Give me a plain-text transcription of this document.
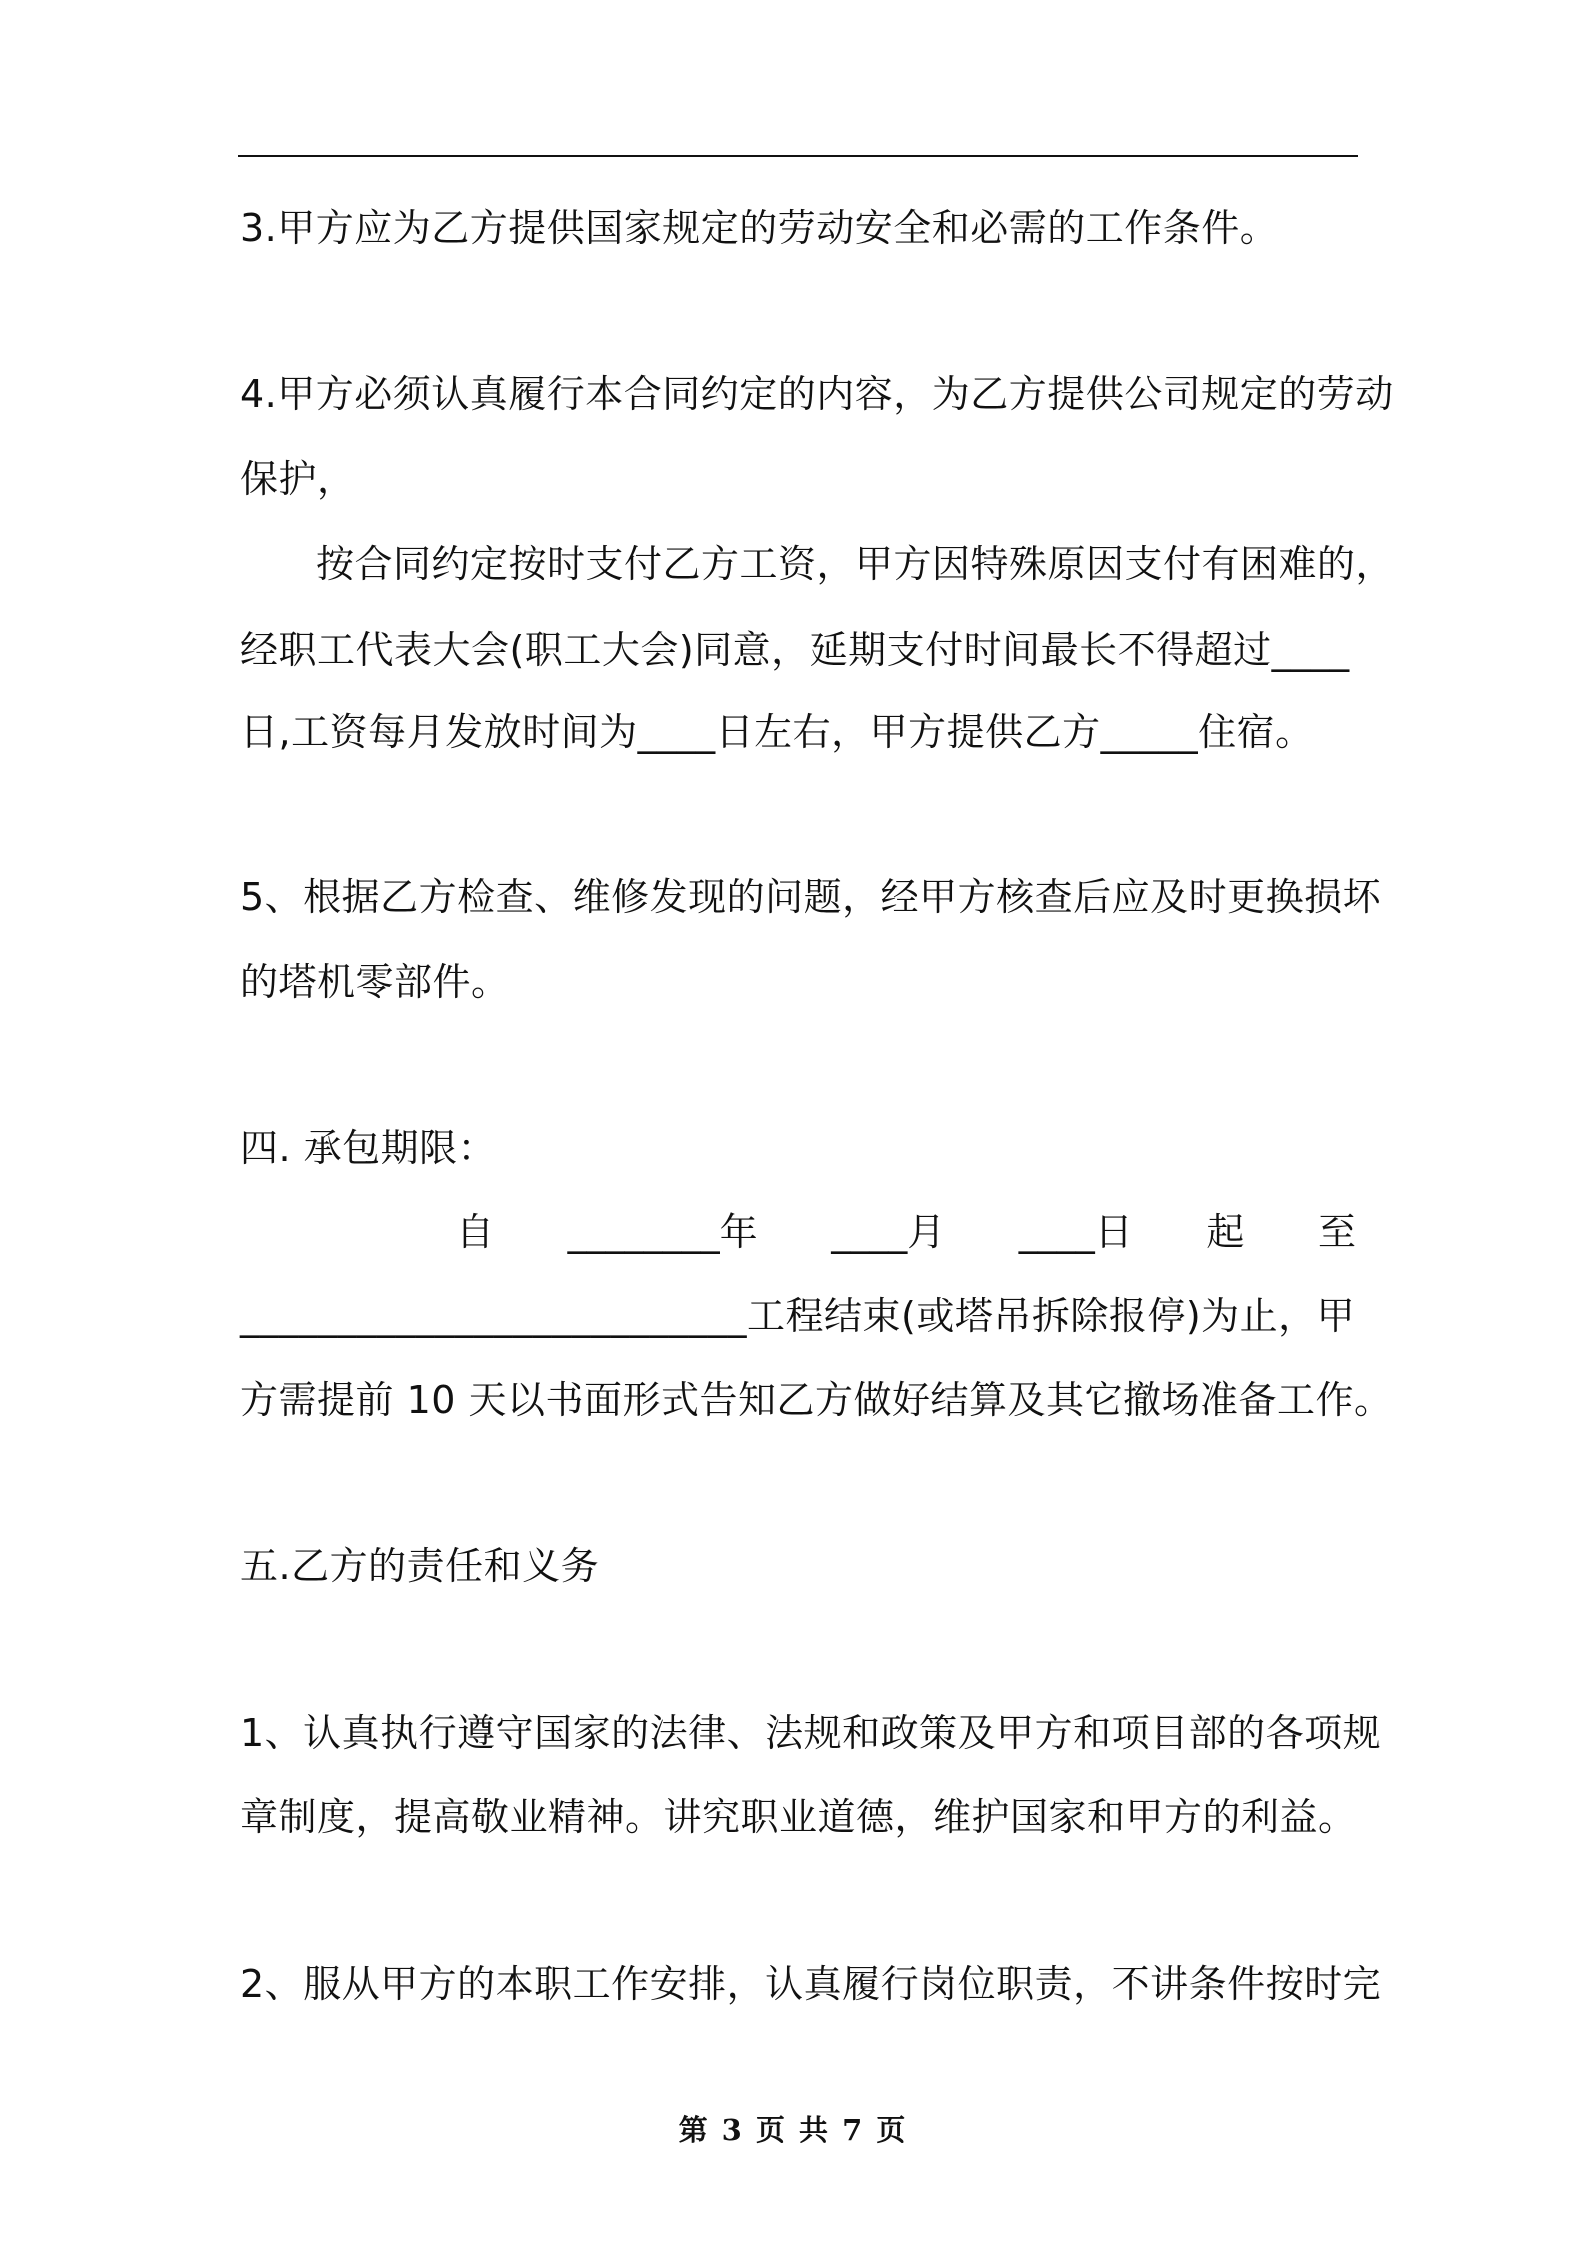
3.甲方应为乙方提供国家规定的劳动安全和必需的工作条件。
4.甲方必须认真履行本合同约定的内容，为乙方提供公司规定的劳动
保护，
按合同约定按时支付乙方工资，甲方因特殊原因支付有困难的，
经职工代表大会(职工大会)同意，延期支付时间最长不得超过____
日,工资每月发放时间为____日左右，甲方提供乙方_____住宿。
5、根据乙方检查、维修发现的问题，经甲方核查后应及时更换损坏
的塔机零部件。
四. 承包期限：
自 ________年 ____月 ____日 起 至
__________________________工程结束(或塔吊拆除报停)为止，甲
方需提前 10 天以书面形式告知乙方做好结算及其它撤场准备工作。
五.乙方的责任和义务
1、认真执行遵守国家的法律、法规和政策及甲方和项目部的各项规
章制度，提高敬业精神。讲究职业道德，维护国家和甲方的利益。
2、服从甲方的本职工作安排，认真履行岗位职责，不讲条件按时完
第 3 页 共 7 页
